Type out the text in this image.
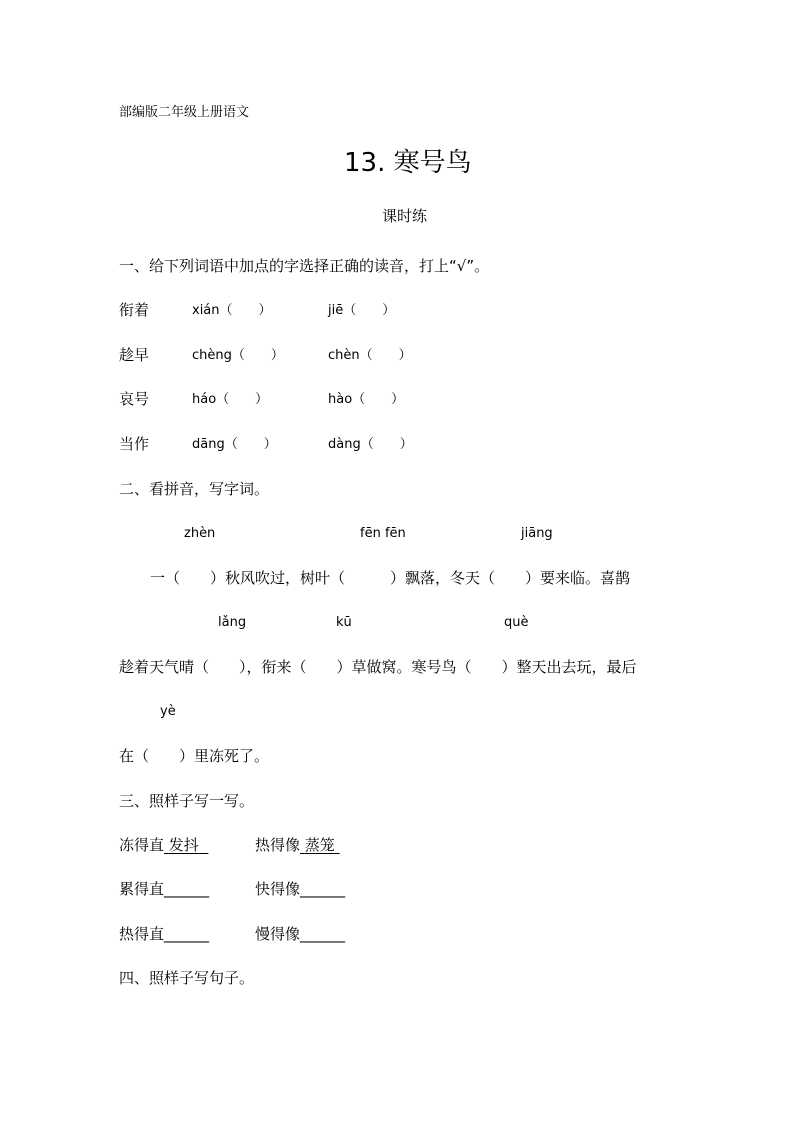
部编版二年级上册语文
13. 寒号鸟
课时练
一、给下列词语中加点的字选择正确的读音，打上“√”。
衔着	xián（　　）	jiē（　　）
趁早	chèng（　　）	chèn（　　）
哀号	háo（　　）	hào（　　）
当作	dāng（　　）	dàng（　　）
二、看拼音，写字词。
zhèn	fēn fēn	jiāng
一（　　）秋风吹过，树叶（　　　）飘落，冬天（　　）要来临。喜鹊
lǎng	kū	què
趁着天气晴（　　），衔来（　　）草做窝。寒号鸟（　　）整天出去玩，最后
yè
在（　　）里冻死了。
三、照样子写一写。
冻得直 发抖	热得像 蒸笼
累得直______	快得像______
热得直______	慢得像______
四、照样子写句子。
